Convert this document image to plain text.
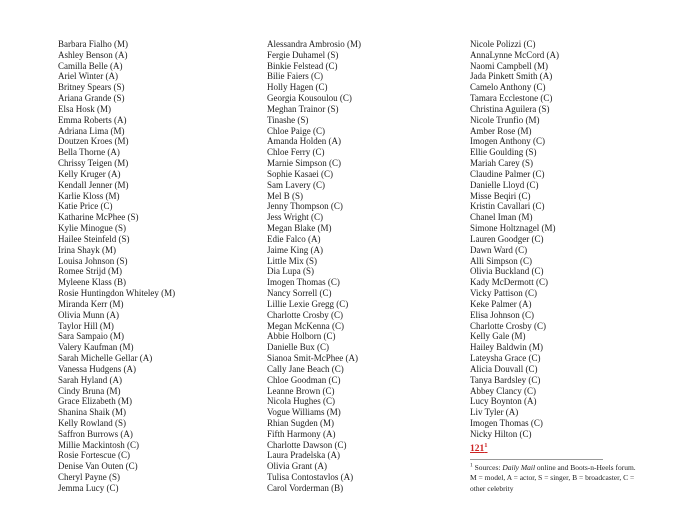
Barbara Fialho (M)
Ashley Benson (A)
Camilla Belle (A)
Ariel Winter (A)
Britney Spears (S)
Ariana Grande (S)
Elsa Hosk (M)
Emma Roberts (A)
Adriana Lima (M)
Doutzen Kroes (M)
Bella Thorne (A)
Chrissy Teigen (M)
Kelly Kruger (A)
Kendall Jenner (M)
Karlie Kloss (M)
Katie Price (C)
Katharine McPhee (S)
Kylie Minogue (S)
Hailee Steinfeld (S)
Irina Shayk (M)
Louisa Johnson (S)
Romee Strijd (M)
Myleene Klass (B)
Rosie Huntingdon Whiteley (M)
Miranda Kerr (M)
Olivia Munn (A)
Taylor Hill (M)
Sara Sampaio (M)
Valery Kaufman (M)
Sarah Michelle Gellar (A)
Vanessa Hudgens (A)
Sarah Hyland (A)
Cindy Bruna (M)
Grace Elizabeth (M)
Shanina Shaik (M)
Kelly Rowland (S)
Saffron Burrows (A)
Millie Mackintosh (C)
Rosie Fortescue (C)
Denise Van Outen (C)
Cheryl Payne (S)
Jemma Lucy (C)
Alessandra Ambrosio (M)
Fergie Duhamel (S)
Binkie Felstead (C)
Bilie Faiers (C)
Holly Hagen (C)
Georgia Kousoulou (C)
Meghan Trainor (S)
Tinashe (S)
Chloe Paige (C)
Amanda Holden (A)
Chloe Ferry (C)
Marnie Simpson (C)
Sophie Kasaei (C)
Sam Lavery (C)
Mel B (S)
Jenny Thompson (C)
Jess Wright (C)
Megan Blake (M)
Edie Falco (A)
Jaime King (A)
Little Mix (S)
Dia Lupa (S)
Imogen Thomas (C)
Nancy Sorrell (C)
Lillie Lexie Gregg (C)
Charlotte Crosby (C)
Megan McKenna (C)
Abbie Holborn (C)
Danielle Bux (C)
Sianoa Smit-McPhee (A)
Cally Jane Beach (C)
Chloe Goodman (C)
Leanne Brown (C)
Nicola Hughes (C)
Vogue Williams (M)
Rhian Sugden (M)
Fifth Harmony (A)
Charlotte Dawson (C)
Laura Pradelska (A)
Olivia Grant (A)
Tulisa Contostavlos (A)
Carol Vorderman (B)
Nicole Polizzi (C)
AnnaLynne McCord (A)
Naomi Campbell (M)
Jada Pinkett Smith (A)
Camelo Anthony (C)
Tamara Ecclestone (C)
Christina Aguilera (S)
Nicole Trunfio (M)
Amber Rose (M)
Imogen Anthony (C)
Ellie Goulding (S)
Mariah Carey (S)
Claudine Palmer (C)
Danielle Lloyd (C)
Misse Beqiri (C)
Kristin Cavallari (C)
Chanel Iman (M)
Simone Holtznagel (M)
Lauren Goodger (C)
Dawn Ward (C)
Alli Simpson (C)
Olivia Buckland (C)
Kady McDermott (C)
Vicky Pattison (C)
Keke Palmer (A)
Elisa Johnson (C)
Charlotte Crosby (C)
Kelly Gale (M)
Hailey Baldwin (M)
Lateysha Grace (C)
Alicia Douvall (C)
Tanya Bardsley (C)
Abbey Clancy (C)
Lucy Boynton (A)
Liv Tyler (A)
Imogen Thomas (C)
Nicky Hilton (C)
$121^1$
$^1$ Sources: Daily Mail online and Boots-n-Heels forum. M = model, A = actor, S = singer, B = broadcaster, C = other celebrity
